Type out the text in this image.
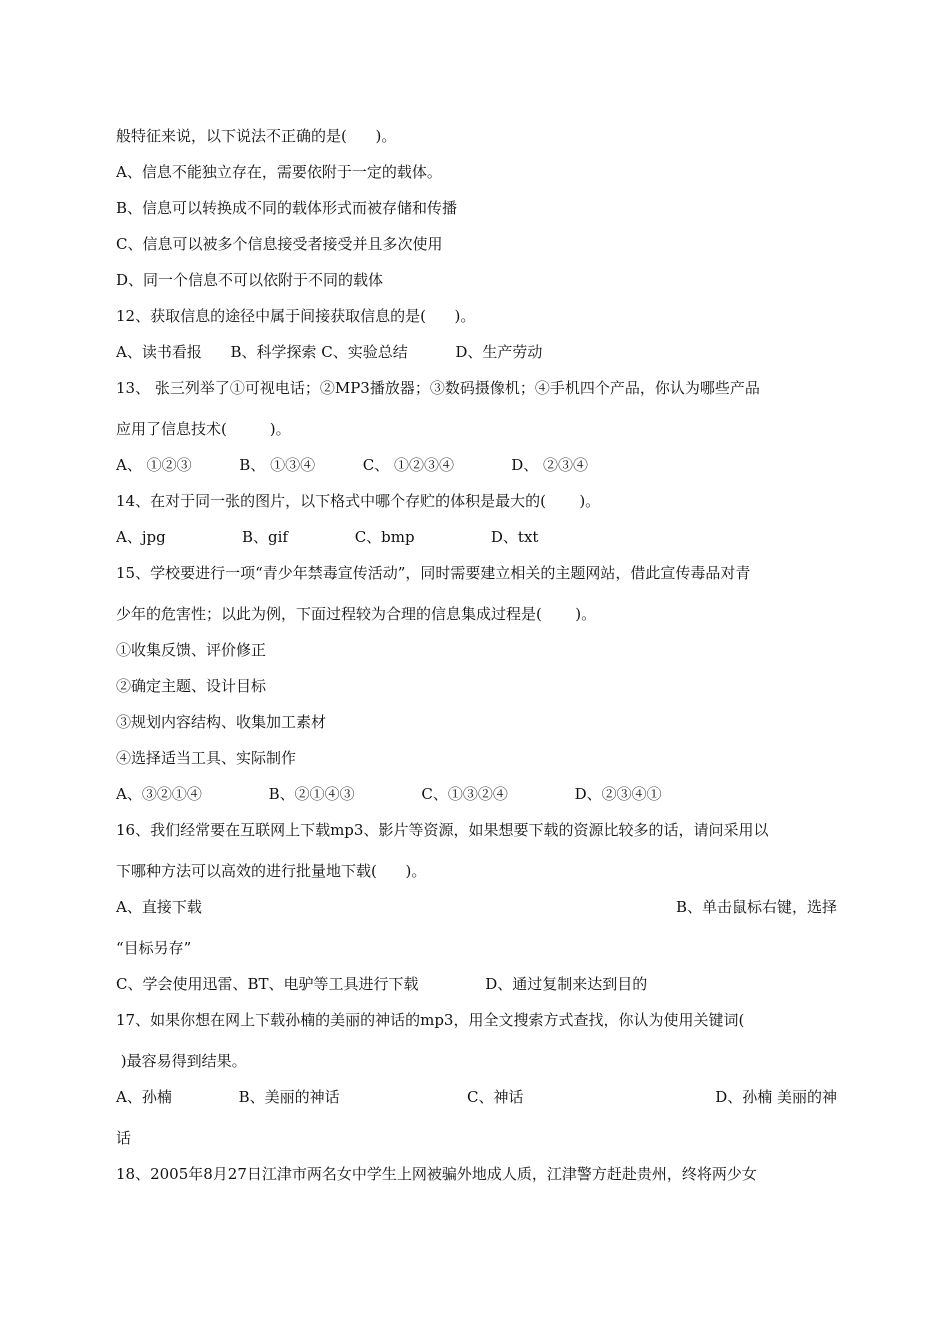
般特征来说，以下说法不正确的是(      )。
A、信息不能独立存在，需要依附于一定的载体。
B、信息可以转换成不同的载体形式而被存储和传播
C、信息可以被多个信息接受者接受并且多次使用
D、同一个信息不可以依附于不同的载体
12、获取信息的途径中属于间接获取信息的是(      )。
A、读书看报      B、科学探索 C、实验总结          D、生产劳动
13、 张三列举了①可视电话；②MP3播放器；③数码摄像机；④手机四个产品，你认为哪些产品
应用了信息技术(         )。
A、 ①②③          B、 ①③④          C、 ①②③④            D、 ②③④
14、在对于同一张的图片，以下格式中哪个存贮的体积是最大的(       )。
A、jpg                B、gif              C、bmp                D、txt
15、学校要进行一项“青少年禁毒宣传活动”，同时需要建立相关的主题网站，借此宣传毒品对青
少年的危害性；以此为例，下面过程较为合理的信息集成过程是(       )。
①收集反馈、评价修正
②确定主题、设计目标
③规划内容结构、收集加工素材
④选择适当工具、实际制作
A、③②①④              B、②①④③              C、①③②④              D、②③④①
16、我们经常要在互联网上下载mp3、影片等资源，如果想要下载的资源比较多的话，请问采用以
下哪种方法可以高效的进行批量地下载(      )。
A、直接下载	B、单击鼠标右键，选择
“目标另存”
C、学会使用迅雷、BT、电驴等工具进行下载              D、通过复制来达到目的
17、如果你想在网上下载孙楠的美丽的神话的mp3，用全文搜索方式查找，你认为使用关键词(
)最容易得到结果。
A、孙楠              B、美丽的神话	C、神话	D、孙楠 美丽的神
话
18、2005年8月27日江津市两名女中学生上网被骗外地成人质，江津警方赶赴贵州，终将两少女
